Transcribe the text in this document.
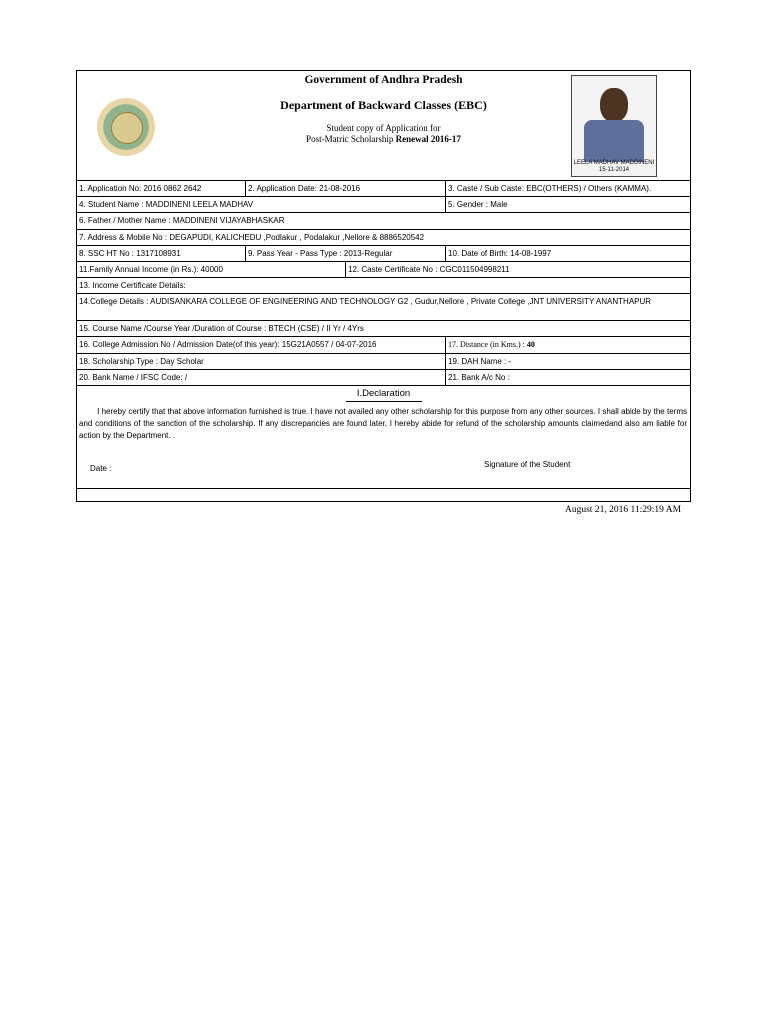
Government of Andhra Pradesh
Department of Backward Classes (EBC)
Student copy of Application for
Post-Matric Scholarship Renewal 2016-17
LEELA MADHAV MADDINENI
15-11-2014
1. Application No: 2016 0862 2642	2. Application Date: 21-08-2016	3. Caste / Sub Caste: EBC(OTHERS) / Others (KAMMA).
4. Student Name : MADDINENI LEELA MADHAV	5. Gender : Male
6. Father / Mother Name : MADDINENI VIJAYABHASKAR
7. Address & Mobile No : DEGAPUDI, KALICHEDU ,Podlakur , Podalakur ,Nellore & 8886520542
8. SSC HT No : 1317108931	9. Pass Year - Pass Type : 2013-Regular	10. Date of Birth: 14-08-1997
11.Family Annual Income (in Rs.): 40000	12. Caste Certificate No : CGC011504998211
13. Income Certificate Details:
14.College Details : AUDISANKARA COLLEGE OF ENGINEERING AND TECHNOLOGY G2 , Gudur,Nellore , Private College ,JNT UNIVERSITY ANANTHAPUR
15. Course Name /Course Year /Duration of Course : BTECH (CSE) / II Yr / 4Yrs
16. College Admission No / Admission Date(of this year): 15G21A0557 / 04-07-2016	17. Distance (in Kms.) : 40
18. Scholarship Type : Day Scholar	19. DAH Name : -
20. Bank Name / IFSC Code: /	21. Bank A/c No :
I.Declaration
I hereby certify that that above information furnished is true. I have not availed any other scholarship for this purpose from any other sources. I shall abide by the terms and conditions of the sanction of the scholarship. If any discrepancies are found later, I hereby abide for refund of the scholarship amounts claimedand also am liable for action by the Department. .
Date :	Signature of the Student
August 21, 2016 11:29:19 AM
